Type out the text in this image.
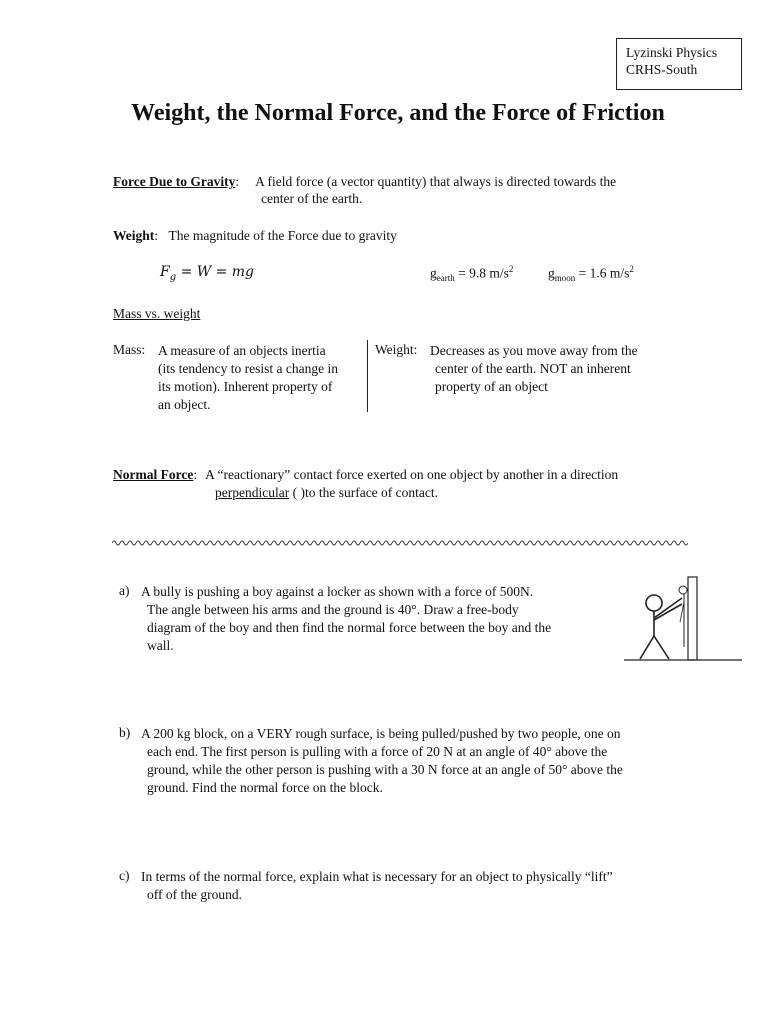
Lyzinski Physics
CRHS-South
Weight, the Normal Force, and the Force of Friction
Force Due to Gravity: A field force (a vector quantity) that always is directed towards the
center of the earth.
Weight: The magnitude of the Force due to gravity
$F_g = W$ = mg	$g_{earth} = 9.8$ $m/s^2$	$g_{moon} = 1.6$ $m/s^2$
Mass vs. weight
Mass: A measure of an objects inertia
(its tendency to resist a change in
its motion). Inherent property of
an object.
Weight: Decreases as you move away from the
center of the earth. NOT an inherent
property of an object
Normal Force: A “reactionary” contact force exerted on one object by another in a direction
perpendicular ( )to the surface of contact.
a) A bully is pushing a boy against a locker as shown with a force of 500N.
The angle between his arms and the ground is 40°. Draw a free-body
diagram of the boy and then find the normal force between the boy and the
wall.
b) A 200 kg block, on a VERY rough surface, is being pulled/pushed by two people, one on
each end. The first person is pulling with a force of 20 N at an angle of 40° above the
ground, while the other person is pushing with a 30 N force at an angle of 50° above the
ground. Find the normal force on the block.
c) In terms of the normal force, explain what is necessary for an object to physically “lift”
off of the ground.
